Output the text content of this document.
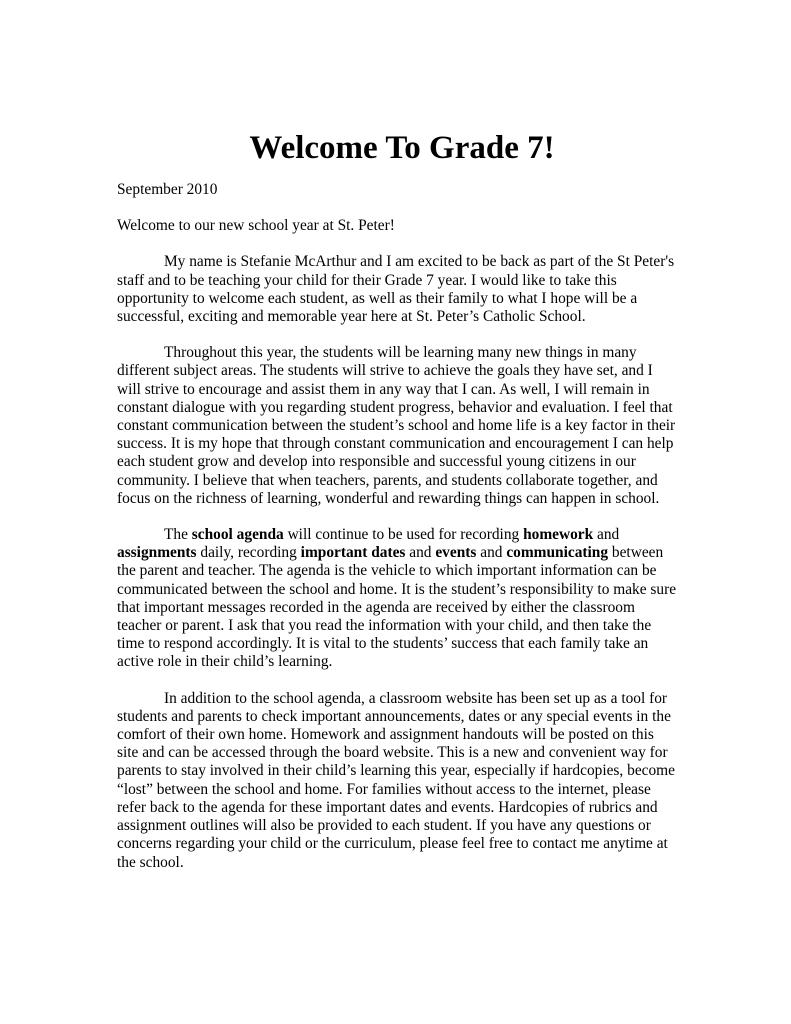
Welcome To Grade 7!

September 2010

Welcome to our new school year at St. Peter!

My name is Stefanie McArthur and I am excited to be back as part of the St Peter's staff and to be teaching your child for their Grade 7 year. I would like to take this opportunity to welcome each student, as well as their family to what I hope will be a successful, exciting and memorable year here at St. Peter’s Catholic School.

Throughout this year, the students will be learning many new things in many different subject areas. The students will strive to achieve the goals they have set, and I will strive to encourage and assist them in any way that I can. As well, I will remain in constant dialogue with you regarding student progress, behavior and evaluation. I feel that constant communication between the student’s school and home life is a key factor in their success. It is my hope that through constant communication and encouragement I can help each student grow and develop into responsible and successful young citizens in our community. I believe that when teachers, parents, and students collaborate together, and focus on the richness of learning, wonderful and rewarding things can happen in school.

The school agenda will continue to be used for recording homework and assignments daily, recording important dates and events and communicating between the parent and teacher. The agenda is the vehicle to which important information can be communicated between the school and home. It is the student’s responsibility to make sure that important messages recorded in the agenda are received by either the classroom teacher or parent. I ask that you read the information with your child, and then take the time to respond accordingly. It is vital to the students’ success that each family take an active role in their child’s learning.

In addition to the school agenda, a classroom website has been set up as a tool for students and parents to check important announcements, dates or any special events in the comfort of their own home. Homework and assignment handouts will be posted on this site and can be accessed through the board website. This is a new and convenient way for parents to stay involved in their child’s learning this year, especially if hardcopies, become “lost” between the school and home. For families without access to the internet, please refer back to the agenda for these important dates and events. Hardcopies of rubrics and assignment outlines will also be provided to each student. If you have any questions or concerns regarding your child or the curriculum, please feel free to contact me anytime at the school.
